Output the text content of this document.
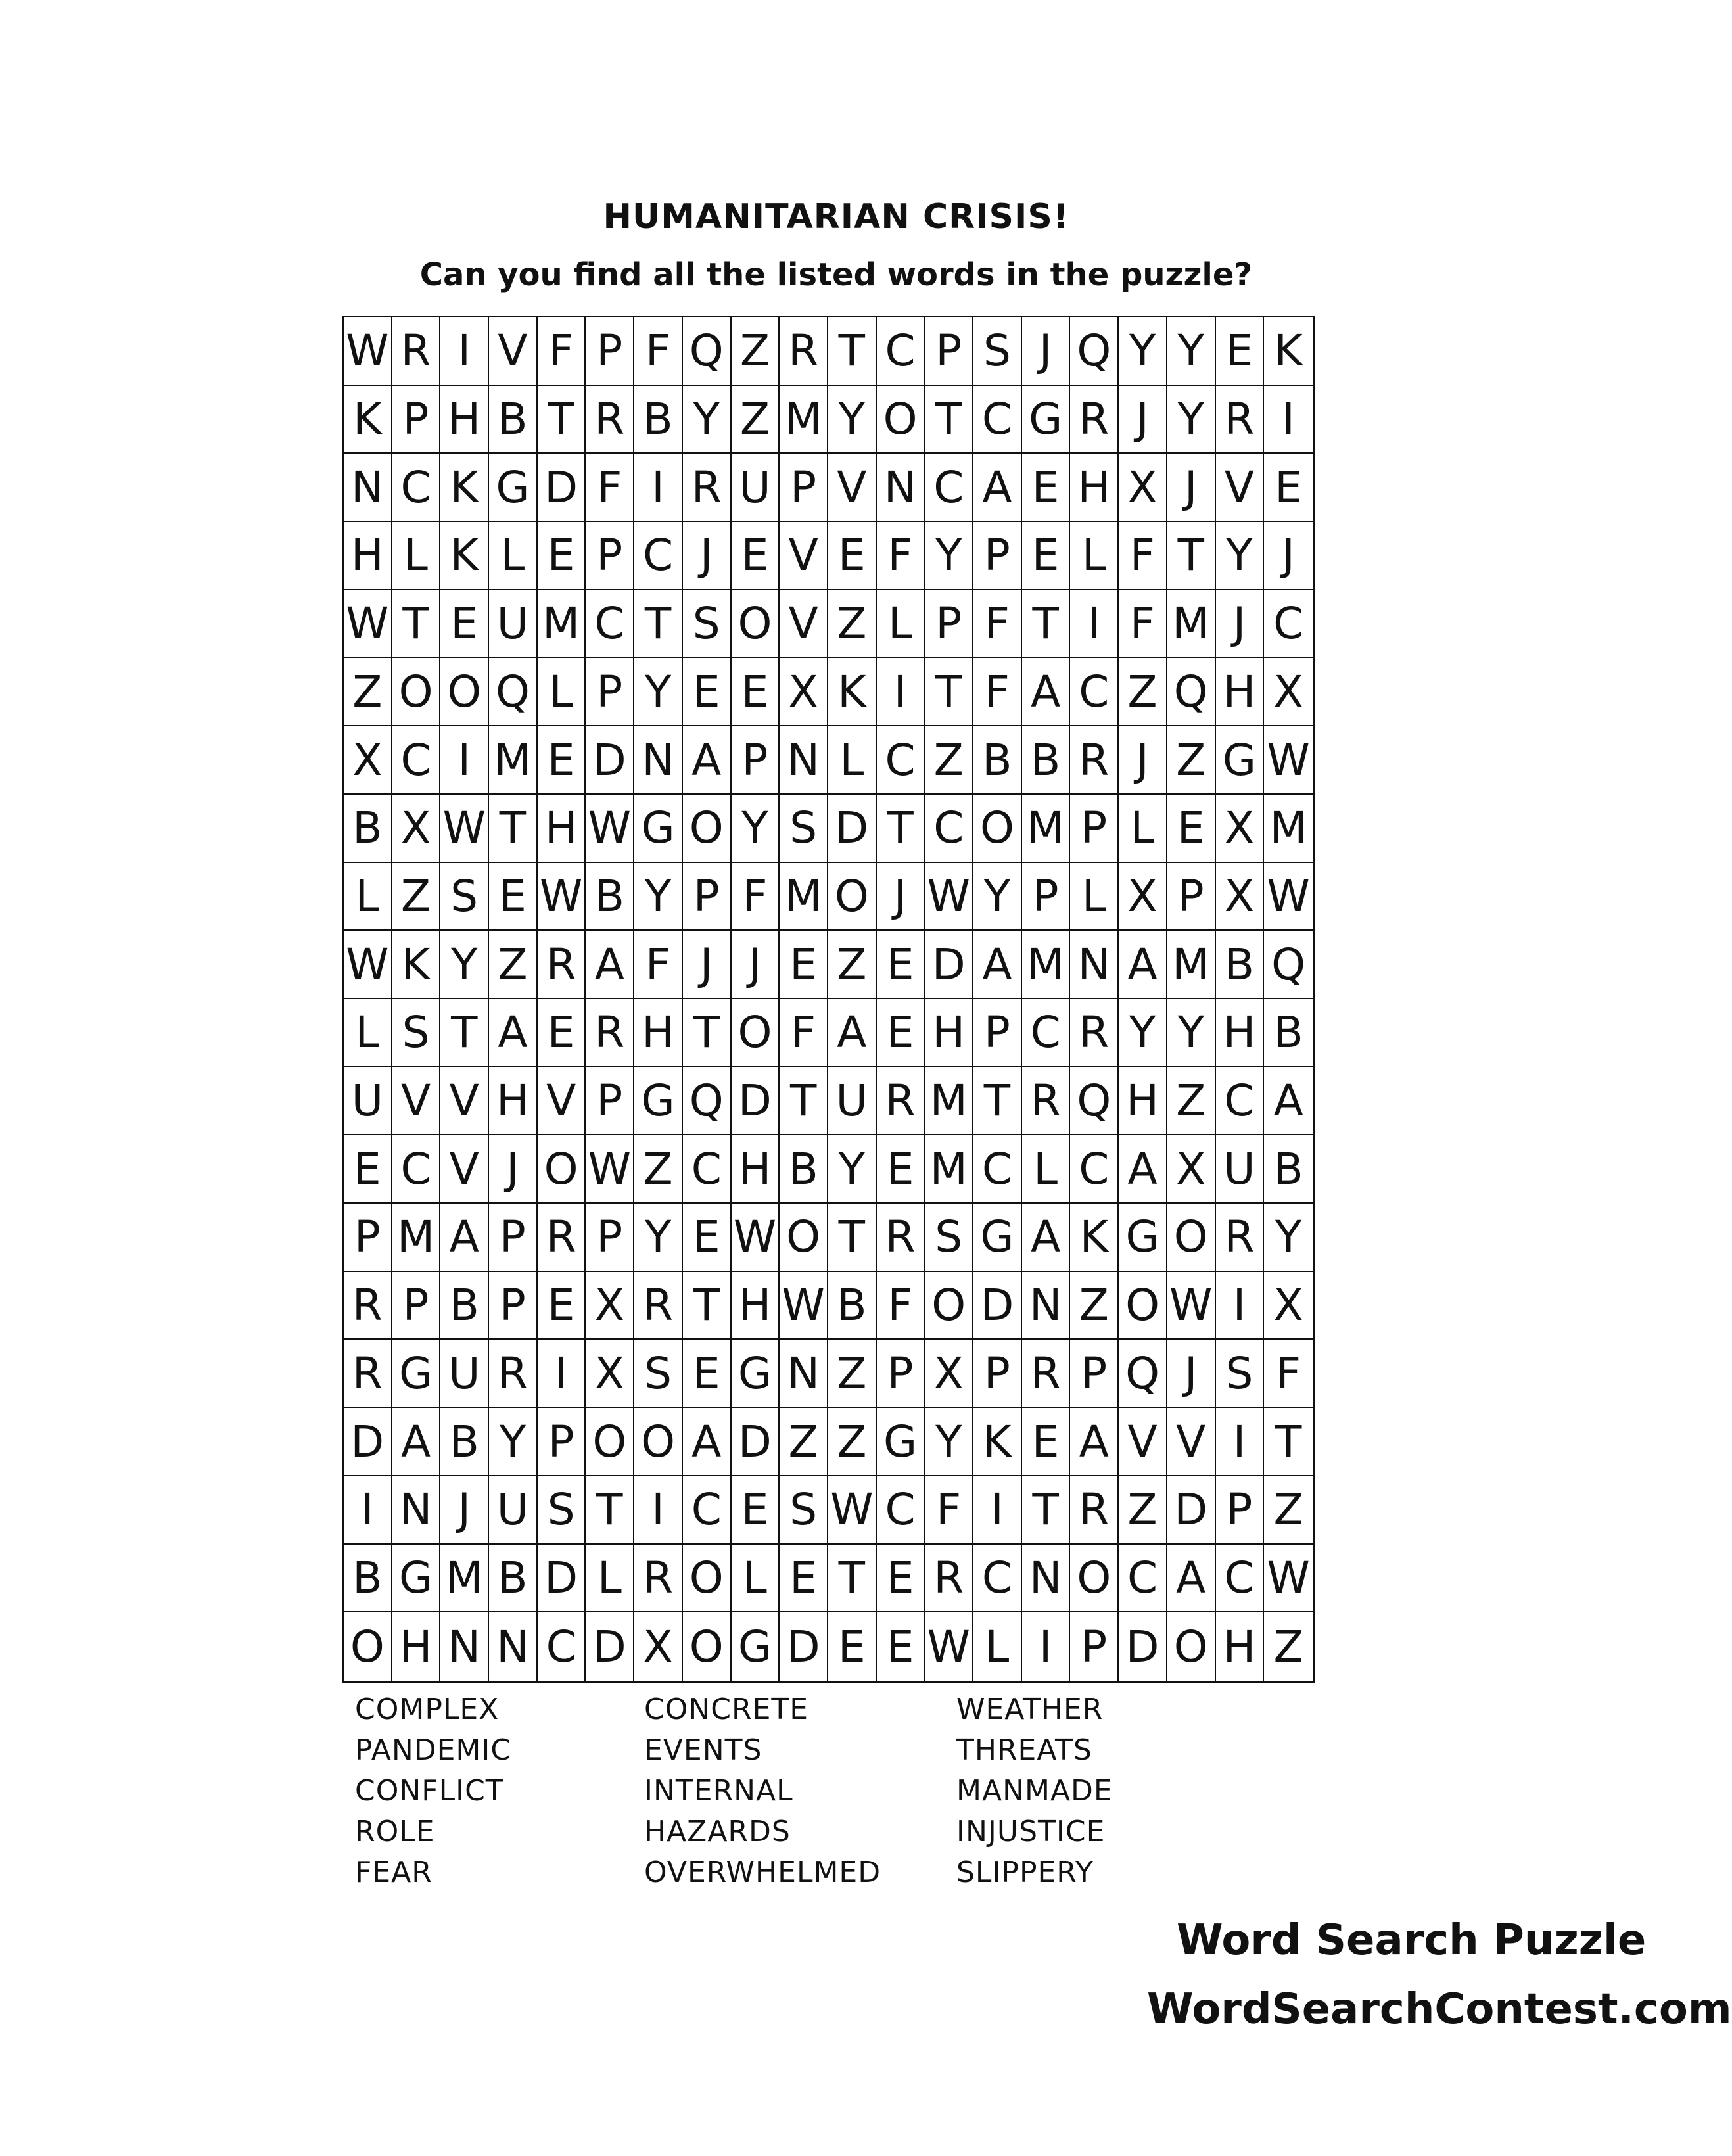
HUMANITARIAN CRISIS!
Can you find all the listed words in the puzzle?
W R I V F P F Q Z R T C P S J Q Y Y E K
K P H B T R B Y Z M Y O T C G R J Y R I
N C K G D F I R U P V N C A E H X J V E
H L K L E P C J E V E F Y P E L F T Y J
W T E U M C T S O V Z L P F T I F M J C
Z O O Q L P Y E E X K I T F A C Z Q H X
X C I M E D N A P N L C Z B B R J Z G W
B X W T H W G O Y S D T C O M P L E X M
L Z S E W B Y P F M O J W Y P L X P X W
W K Y Z R A F J J E Z E D A M N A M B Q
L S T A E R H T O F A E H P C R Y Y H B
U V V H V P G Q D T U R M T R Q H Z C A
E C V J O W Z C H B Y E M C L C A X U B
P M A P R P Y E W O T R S G A K G O R Y
R P B P E X R T H W B F O D N Z O W I X
R G U R I X S E G N Z P X P R P Q J S F
D A B Y P O O A D Z Z G Y K E A V V I T
I N J U S T I C E S W C F I T R Z D P Z
B G M B D L R O L E T E R C N O C A C W
O H N N C D X O G D E E W L I P D O H Z
COMPLEX
PANDEMIC
CONFLICT
ROLE
FEAR
CONCRETE
EVENTS
INTERNAL
HAZARDS
OVERWHELMED
WEATHER
THREATS
MANMADE
INJUSTICE
SLIPPERY
Word Search Puzzle
WordSearchContest.com
